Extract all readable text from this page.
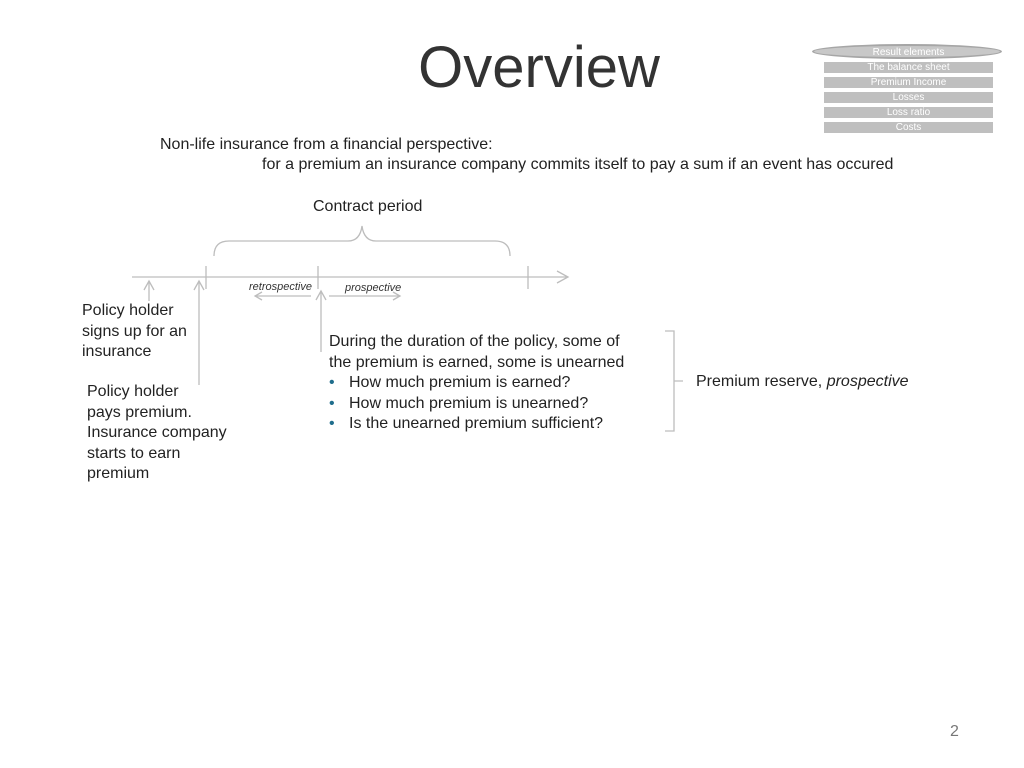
Overview	Result elements
The balance sheet
Premium Income
Losses
Loss ratio
Costs
Non-life insurance from a financial perspective:
for a premium an insurance company commits itself to pay a sum if an event has occured
Contract period
retrospective	prospective
Policy holder
signs up for an
insurance
Policy holder
pays premium.
Insurance company
starts to earn
premium
During the duration of the policy, some of
the premium is earned, some is unearned
• How much premium is earned?
• How much premium is unearned?
• Is the unearned premium sufficient?
Premium reserve, prospective
2
